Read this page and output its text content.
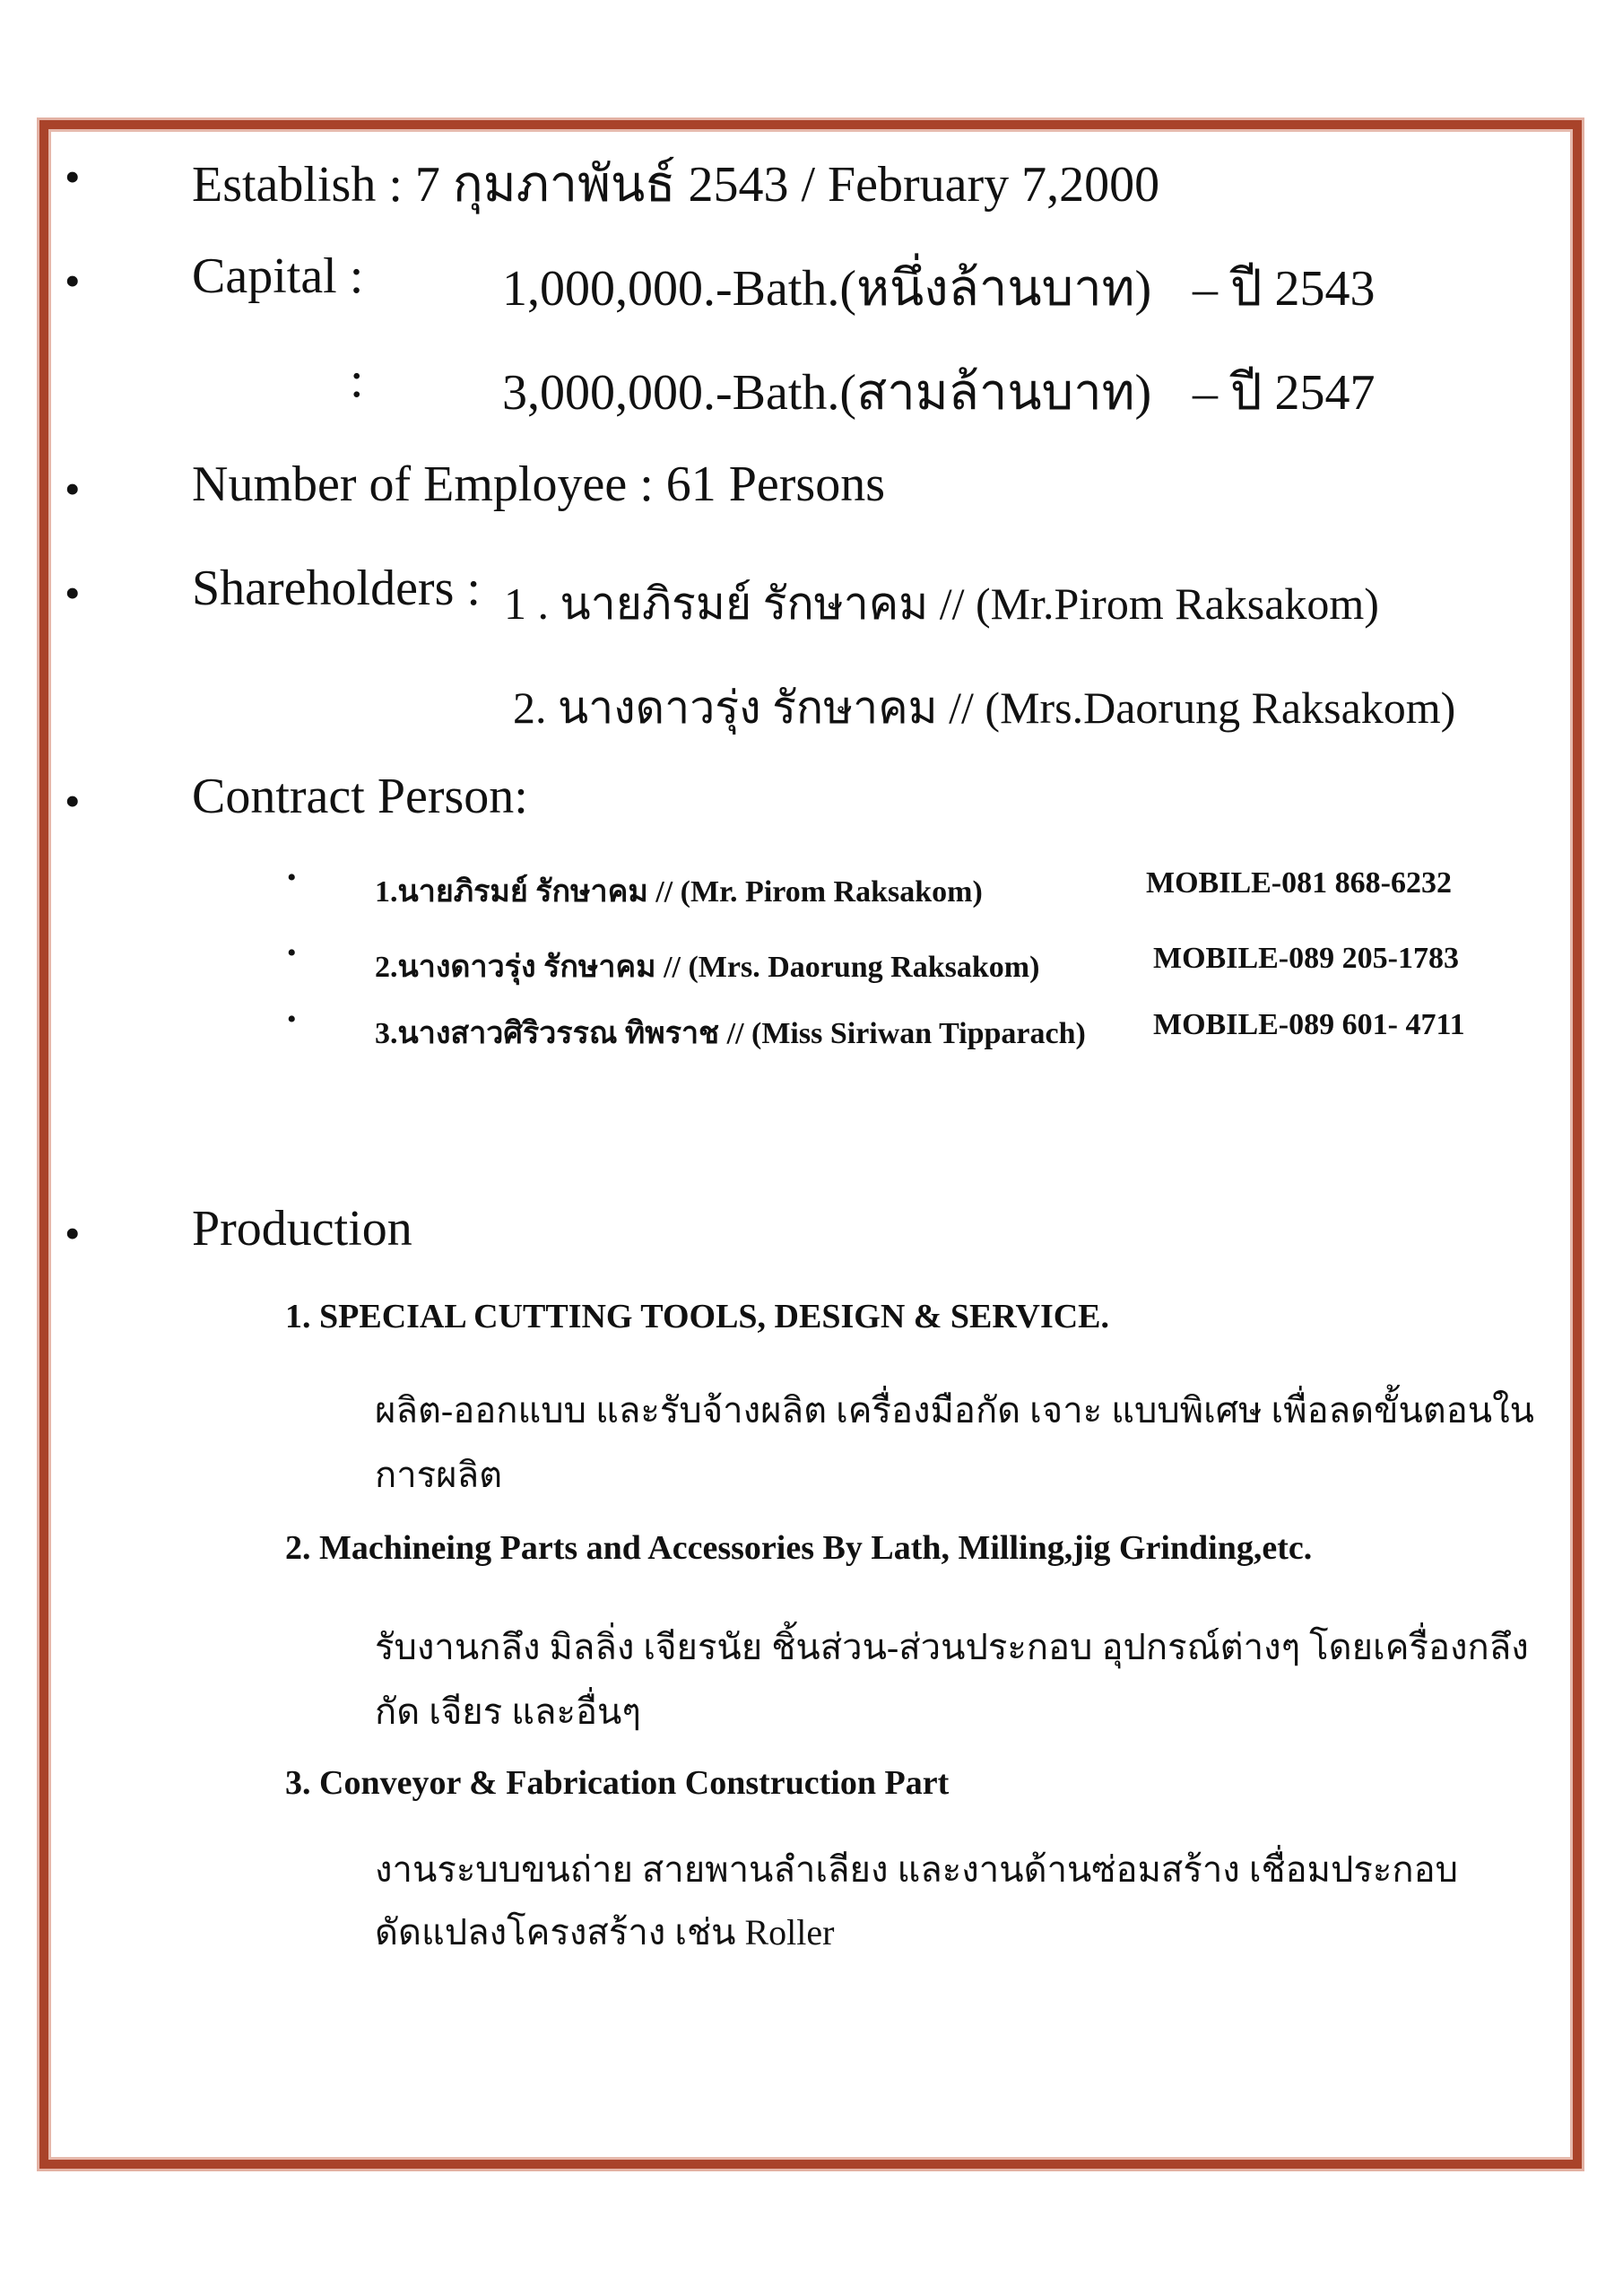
• Establish : 7 กุมภาพันธ์ 2543 / February 7,2000
• Capital :	1,000,000.-Bath.(หนึ่งล้านบาท) – ปี 2543
:	3,000,000.-Bath.(สามล้านบาท) – ปี 2547
• Number of Employee : 61 Persons
• Shareholders : 1 . นายภิรมย์ รักษาคม // (Mr.Pirom Raksakom)
2. นางดาวรุ่ง รักษาคม // (Mrs.Daorung Raksakom)
• Contract Person:
•	1.นายภิรมย์ รักษาคม // (Mr. Pirom Raksakom)	MOBILE-081 868-6232
•	2.นางดาวรุ่ง รักษาคม // (Mrs. Daorung Raksakom)	MOBILE-089 205-1783
•	3.นางสาวศิริวรรณ ทิพราช // (Miss Siriwan Tipparach) MOBILE-089 601- 4711
• Production
1. SPECIAL CUTTING TOOLS, DESIGN & SERVICE.
ผลิต-ออกแบบ และรับจ้างผลิต เครื่องมือกัด เจาะ แบบพิเศษ เพื่อลดขั้นตอนใน
การผลิต
2. Machineing Parts and Accessories By Lath, Milling,jig Grinding,etc.
รับงานกลึง มิลลิ่ง เจียรนัย ชิ้นส่วน-ส่วนประกอบ อุปกรณ์ต่างๆ โดยเครื่องกลึง
กัด เจียร และอื่นๆ
3. Conveyor & Fabrication Construction Part
งานระบบขนถ่าย สายพานลำเลียง และงานด้านซ่อมสร้าง เชื่อมประกอบ
ดัดแปลงโครงสร้าง เช่น Roller
